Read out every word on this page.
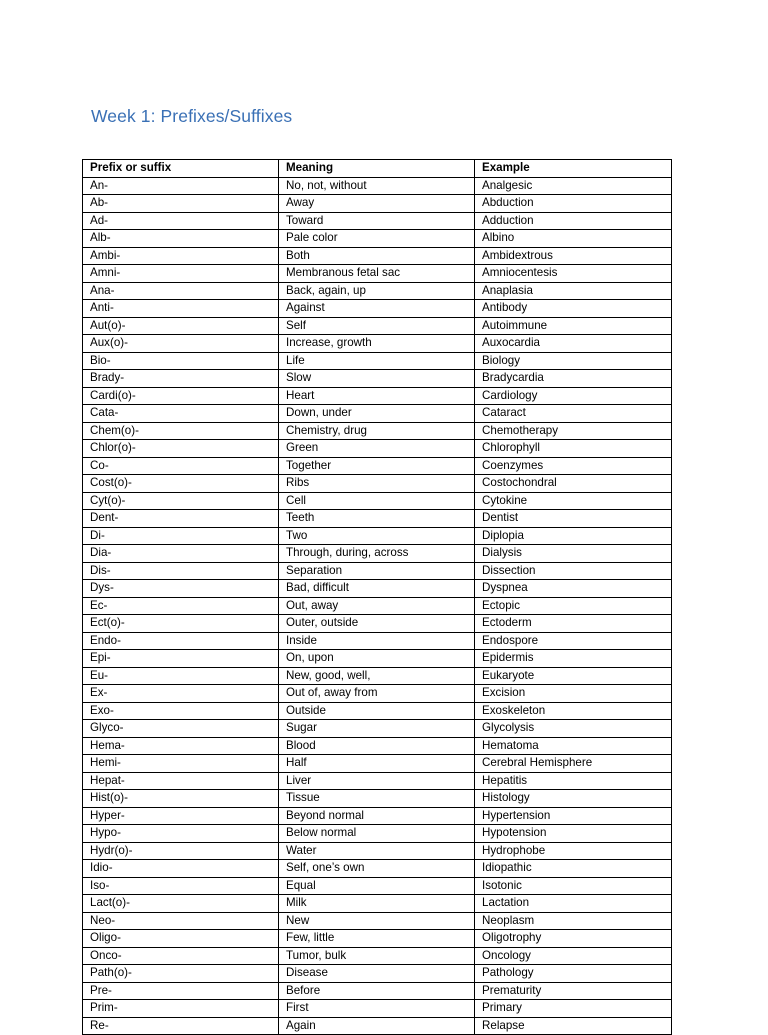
Week 1: Prefixes/Suffixes
Prefix or suffix	Meaning	Example
An-	No, not, without	Analgesic
Ab-	Away	Abduction
Ad-	Toward	Adduction
Alb-	Pale color	Albino
Ambi-	Both	Ambidextrous
Amni-	Membranous fetal sac	Amniocentesis
Ana-	Back, again, up	Anaplasia
Anti-	Against	Antibody
Aut(o)-	Self	Autoimmune
Aux(o)-	Increase, growth	Auxocardia
Bio-	Life	Biology
Brady-	Slow	Bradycardia
Cardi(o)-	Heart	Cardiology
Cata-	Down, under	Cataract
Chem(o)-	Chemistry, drug	Chemotherapy
Chlor(o)-	Green	Chlorophyll
Co-	Together	Coenzymes
Cost(o)-	Ribs	Costochondral
Cyt(o)-	Cell	Cytokine
Dent-	Teeth	Dentist
Di-	Two	Diplopia
Dia-	Through, during, across	Dialysis
Dis-	Separation	Dissection
Dys-	Bad, difficult	Dyspnea
Ec-	Out, away	Ectopic
Ect(o)-	Outer, outside	Ectoderm
Endo-	Inside	Endospore
Epi-	On, upon	Epidermis
Eu-	New, good, well,	Eukaryote
Ex-	Out of, away from	Excision
Exo-	Outside	Exoskeleton
Glyco-	Sugar	Glycolysis
Hema-	Blood	Hematoma
Hemi-	Half	Cerebral Hemisphere
Hepat-	Liver	Hepatitis
Hist(o)-	Tissue	Histology
Hyper-	Beyond normal	Hypertension
Hypo-	Below normal	Hypotension
Hydr(o)-	Water	Hydrophobe
Idio-	Self, one’s own	Idiopathic
Iso-	Equal	Isotonic
Lact(o)-	Milk	Lactation
Neo-	New	Neoplasm
Oligo-	Few, little	Oligotrophy
Onco-	Tumor, bulk	Oncology
Path(o)-	Disease	Pathology
Pre-	Before	Prematurity
Prim-	First	Primary
Re-	Again	Relapse
